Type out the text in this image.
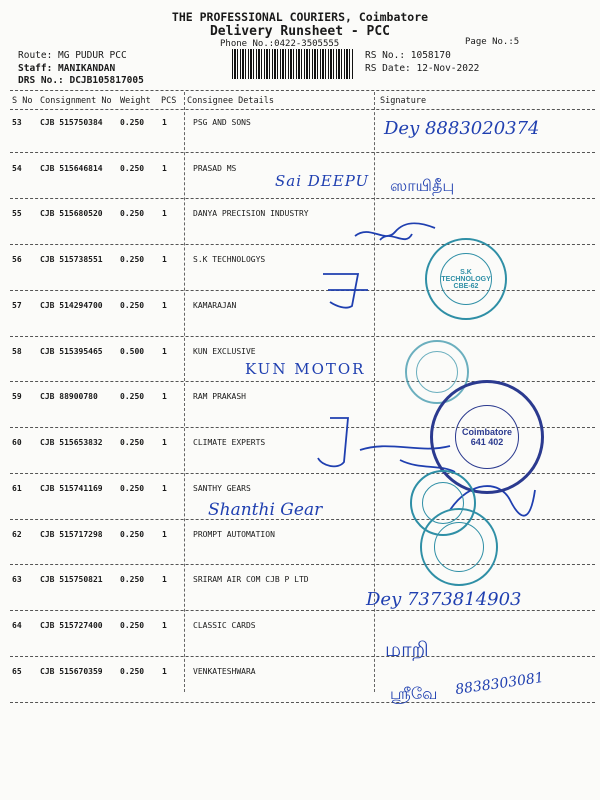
THE PROFESSIONAL COURIERS, Coimbatore
Delivery Runsheet - PCC
Phone No.:0422-3505555	Page No.:5
Route: MG PUDUR PCC
Staff: MANIKANDAN
DRS No.: DCJB105817005
RS No.: 1058170
RS Date: 12-Nov-2022
S No Consignment No Weight PCS Consignee Details	Signature
53 CJB 515750384 0.250 1	PSG AND SONS
54 CJB 515646814 0.250 1	PRASAD MS
55 CJB 515680520 0.250 1	DANYA PRECISION INDUSTRY
56 CJB 515738551 0.250 1	S.K TECHNOLOGYS
57 CJB 514294700 0.250 1	KAMARAJAN
58 CJB 515395465 0.500 1	KUN EXCLUSIVE
59 CJB 88900780	0.250 1	RAM PRAKASH
60 CJB 515653832 0.250 1	CLIMATE EXPERTS
61 CJB 515741169 0.250 1	SANTHY GEARS
62 CJB 515717298 0.250 1	PROMPT AUTOMATION
63 CJB 515750821 0.250 1	SRIRAM AIR COM CJB P LTD
64 CJB 515727400 0.250 1	CLASSIC CARDS
65 CJB 515670359 0.250 1	VENKATESHWARA
Dey 8883020374
Sai DEEPU ஸாயிதீபு
KUN MOTOR
Shanthi Gear
Dey 7373814903
மாறி
ஸ்ரீவே 8838303081
S.K TECHNOLOGY CBE-62
Coimbatore 641 402
